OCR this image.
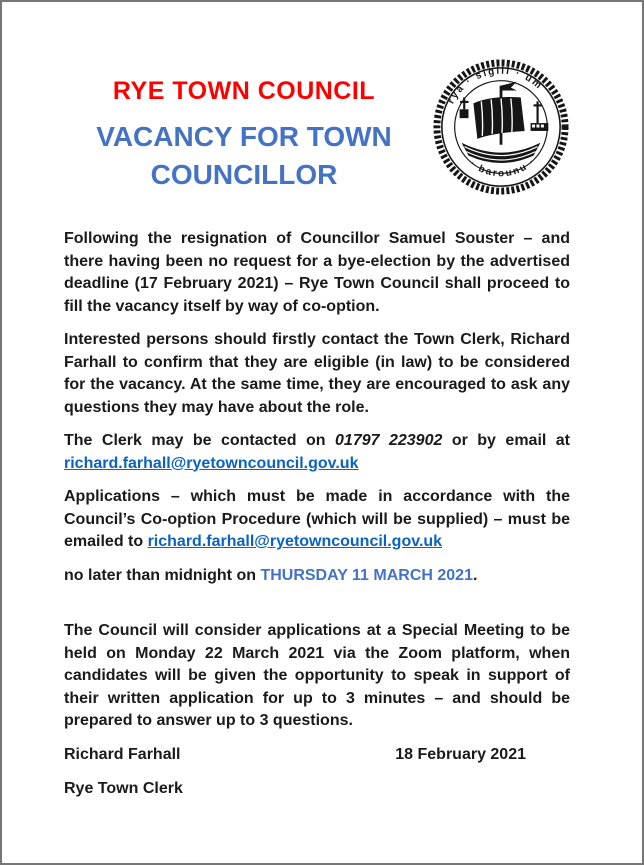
RYE TOWN COUNCIL
VACANCY FOR TOWN
COUNCILLOR
rya · sigill · um
· barounu ·

Following the resignation of Councillor Samuel Souster – and there having been no request for a bye-election by the advertised deadline (17 February 2021) – Rye Town Council shall proceed to fill the vacancy itself by way of co-option.

Interested persons should firstly contact the Town Clerk, Richard Farhall to confirm that they are eligible (in law) to be considered for the vacancy. At the same time, they are encouraged to ask any questions they may have about the role.

The Clerk may be contacted on 01797 223902 or by email at richard.farhall@ryetowncouncil.gov.uk

Applications – which must be made in accordance with the Council’s Co-option Procedure (which will be supplied) – must be emailed to richard.farhall@ryetowncouncil.gov.uk

no later than midnight on THURSDAY 11 MARCH 2021.

The Council will consider applications at a Special Meeting to be held on Monday 22 March 2021 via the Zoom platform, when candidates will be given the opportunity to speak in support of their written application for up to 3 minutes – and should be prepared to answer up to 3 questions.

Richard Farhall	18 February 2021
Rye Town Clerk
